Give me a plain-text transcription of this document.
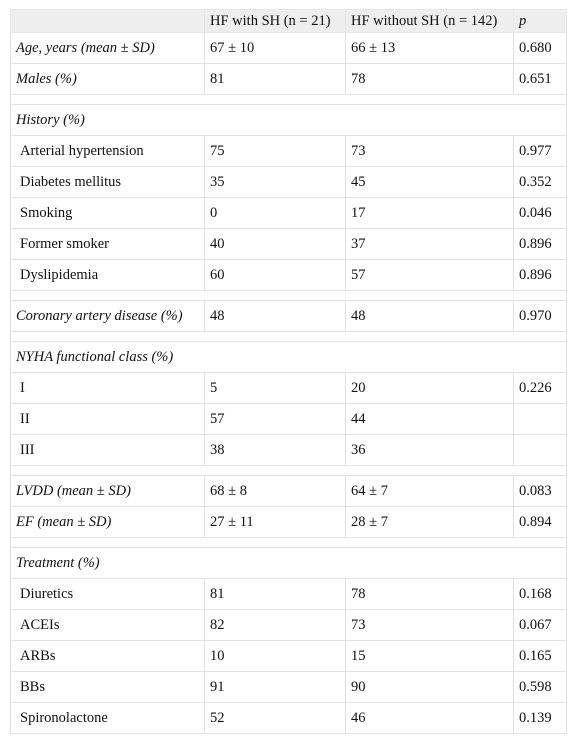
	HF with SH (n = 21)	HF without SH (n = 142)	p
Age, years (mean ± SD)	67 ± 10	66 ± 13	0.680
Males (%)	81	78	0.651

History (%)			
Arterial hypertension	75	73	0.977
Diabetes mellitus	35	45	0.352
Smoking	0	17	0.046
Former smoker	40	37	0.896
Dyslipidemia	60	57	0.896

Coronary artery disease (%)	48	48	0.970

NYHA functional class (%)			
I	5	20	0.226
II	57	44	
III	38	36	

LVDD (mean ± SD)	68 ± 8	64 ± 7	0.083
EF (mean ± SD)	27 ± 11	28 ± 7	0.894

Treatment (%)			
Diuretics	81	78	0.168
ACEIs	82	73	0.067
ARBs	10	15	0.165
BBs	91	90	0.598
Spironolactone	52	46	0.139
